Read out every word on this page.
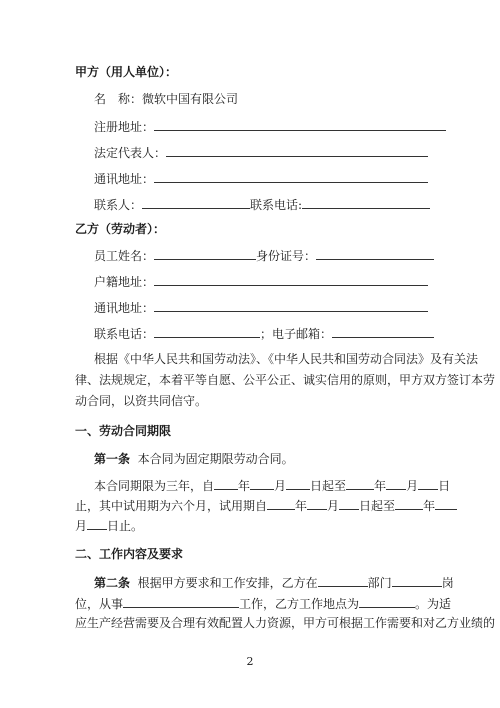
甲方（用人单位）：
名　称：微软中国有限公司
注册地址：
法定代表人：
通讯地址：
联系人：	联系电话:
乙方（劳动者）：
员工姓名：	身份证号：
户籍地址：
通讯地址：
联系电话：	；电子邮箱：
根据《中华人民共和国劳动法》、《中华人民共和国劳动合同法》及有关法
律、法规规定，本着平等自愿、公平公正、诚实信用的原则，甲方双方签订本劳
动合同，以资共同信守。
一、劳动合同期限
第一条 本合同为固定期限劳动合同。
本合同期限为三年，自 年 月 日起至 年 月 日
止，其中试用期为六个月，试用期自 年 月 日起至 年
月 日止。
二、工作内容及要求
第二条 根据甲方要求和工作安排，乙方在	部门	岗
位，从事	工作，乙方工作地点为	。为适
应生产经营需要及合理有效配置人力资源，甲方可根据工作需要和对乙方业绩的
2
